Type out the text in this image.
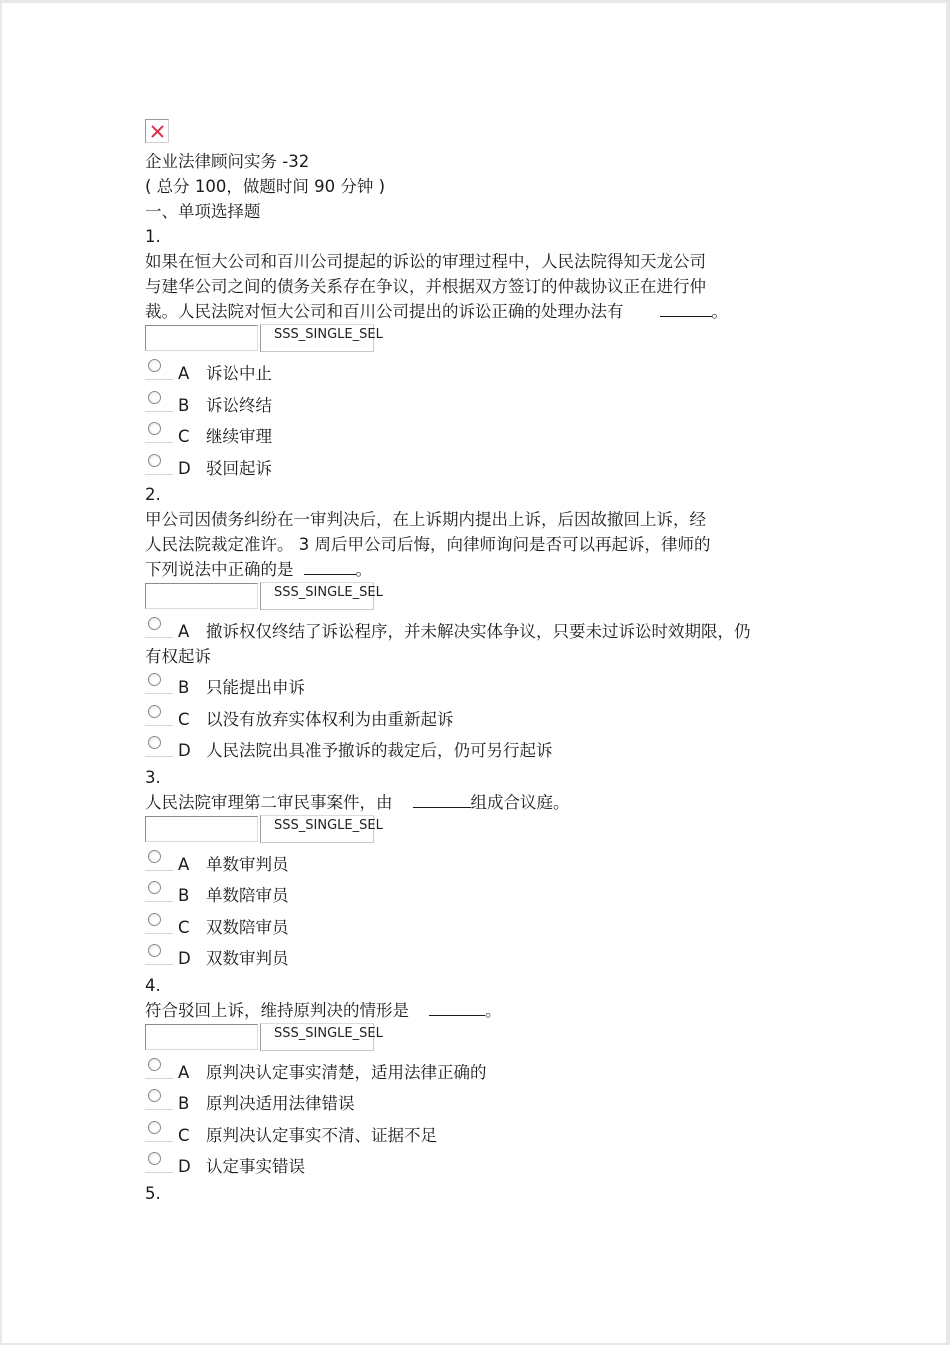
企业法律顾问实务 -32
( 总分 100，做题时间 90 分钟 )
一、单项选择题
1.
如果在恒大公司和百川公司提起的诉讼的审理过程中，人民法院得知天龙公司
与建华公司之间的债务关系存在争议，并根据双方签订的仲裁协议正在进行仲
裁。人民法院对恒大公司和百川公司提出的诉讼正确的处理办法有	。
SSS_SINGLE_SEL
A 诉讼中止
B 诉讼终结
C 继续审理
D 驳回起诉
2.
甲公司因债务纠纷在一审判决后，在上诉期内提出上诉，后因故撤回上诉，经
人民法院裁定准许。 3 周后甲公司后悔，向律师询问是否可以再起诉，律师的
下列说法中正确的是	。
SSS_SINGLE_SEL
A 撤诉权仅终结了诉讼程序，并未解决实体争议，只要未过诉讼时效期限，仍有权起诉
B 只能提出申诉
C 以没有放弃实体权利为由重新起诉
D 人民法院出具准予撤诉的裁定后，仍可另行起诉
3.
人民法院审理第二审民事案件，由	组成合议庭。
SSS_SINGLE_SEL
A 单数审判员
B 单数陪审员
C 双数陪审员
D 双数审判员
4.
符合驳回上诉，维持原判决的情形是	。
SSS_SINGLE_SEL
A 原判决认定事实清楚，适用法律正确的
B 原判决适用法律错误
C 原判决认定事实不清、证据不足
D 认定事实错误
5.
